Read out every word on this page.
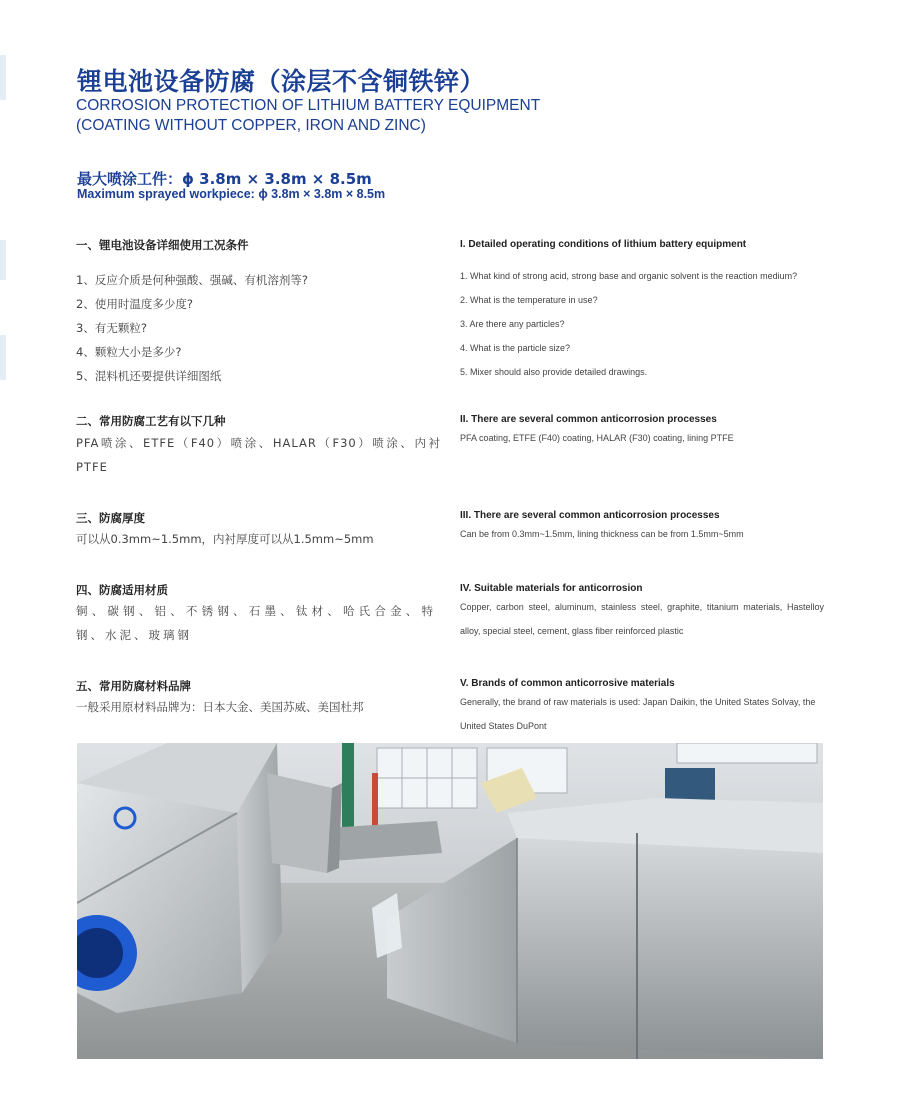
锂电池设备防腐（涂层不含铜铁锌）
CORROSION PROTECTION OF LITHIUM BATTERY EQUIPMENT
(COATING WITHOUT COPPER, IRON AND ZINC)
最大喷涂工件：ϕ 3.8m × 3.8m × 8.5m
Maximum sprayed workpiece: ϕ 3.8m × 3.8m × 8.5m
一、锂电池设备详细使用工况条件
1、反应介质是何种强酸、强碱、有机溶剂等?
2、使用时温度多少度?
3、有无颗粒?
4、颗粒大小是多少?
5、混料机还要提供详细图纸
I. Detailed operating conditions of lithium battery equipment
1. What kind of strong acid, strong base and organic solvent is the reaction medium?
2. What is the temperature in use?
3. Are there any particles?
4. What is the particle size?
5. Mixer should also provide detailed drawings.
二、常用防腐工艺有以下几种
PFA喷涂、ETFE（F40）喷涂、HALAR（F30）喷涂、内衬PTFE
II. There are several common anticorrosion processes
PFA coating, ETFE (F40) coating, HALAR (F30) coating, lining PTFE
三、防腐厚度
可以从0.3mm~1.5mm，内衬厚度可以从1.5mm~5mm
III. There are several common anticorrosion processes
Can be from 0.3mm~1.5mm, lining thickness can be from 1.5mm~5mm
四、防腐适用材质
铜、碳钢、铝、不锈钢、石墨、钛材、哈氏合金、特钢、水泥、玻璃钢
IV. Suitable materials for anticorrosion
Copper, carbon steel, aluminum, stainless steel, graphite, titanium materials, Hastelloy alloy, special steel, cement, glass fiber reinforced plastic
五、常用防腐材料品牌
一般采用原材料品牌为：日本大金、美国苏威、美国杜邦
V. Brands of common anticorrosive materials
Generally, the brand of raw materials is used: Japan Daikin, the United States Solvay, the United States DuPont
